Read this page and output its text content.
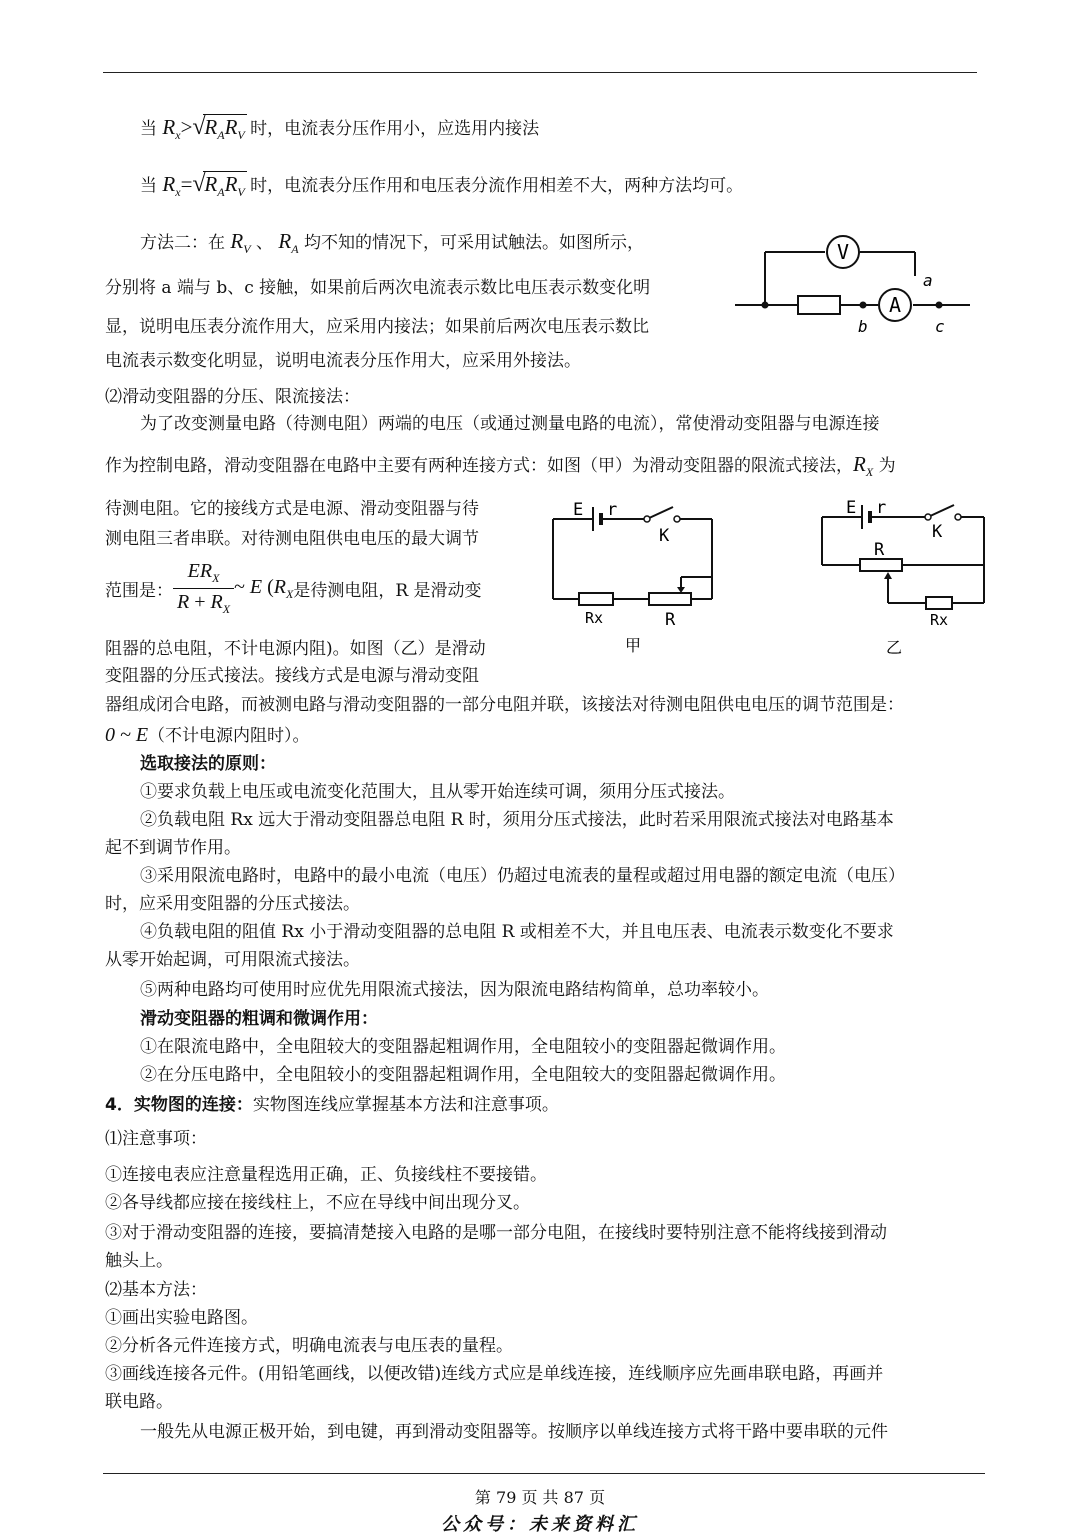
当 $R_x>$ √
$R_AR_V$ 时，电流表分压作用小，应选用内接法
当 $R_x=$ √
$R_AR_V$ 时，电流表分压作用和电压表分流作用相差不大，两种方法均可。
方法二：在 $R_V$ 、 $R_A$ 均不知的情况下，可采用试触法。如图所示，
分别将 a 端与 b、c 接触，如果前后两次电流表示数比电压表示数变化明
显，说明电压表分流作用大，应采用内接法；如果前后两次电压表示数比
电流表示数变化明显，说明电流表分压作用大，应采用外接法。
V
A
a
b	c
⑵滑动变阻器的分压、限流接法：
为了改变测量电路（待测电阻）两端的电压（或通过测量电路的电流），常使滑动变阻器与电源连接
作为控制电路，滑动变阻器在电路中主要有两种连接方式：如图（甲）为滑动变阻器的限流式接法，$R_X$ 为
待测电阻。它的接线方式是电源、滑动变阻器与待
测电阻三者串联。对待测电阻供电电压的最大调节
范围是： $\frac{ER_X}{R + R_X}$ ~ E ($R_X$ 是待测电阻，R 是滑动变
阻器的总电阻，不计电源内阻)。如图（乙）是滑动
变阻器的分压式接法。接线方式是电源与滑动变阻
E r
K
Rx	R
甲
E r
K
R
Rx
乙
器组成闭合电路，而被测电路与滑动变阻器的一部分电阻并联，该接法对待测电阻供电电压的调节范围是：
0 ~ E（不计电源内阻时）。
选取接法的原则：
①要求负载上电压或电流变化范围大，且从零开始连续可调，须用分压式接法。
②负载电阻 Rx 远大于滑动变阻器总电阻 R 时，须用分压式接法，此时若采用限流式接法对电路基本
起不到调节作用。
③采用限流电路时，电路中的最小电流（电压）仍超过电流表的量程或超过用电器的额定电流（电压）
时，应采用变阻器的分压式接法。
④负载电阻的阻值 Rx 小于滑动变阻器的总电阻 R 或相差不大，并且电压表、电流表示数变化不要求
从零开始起调，可用限流式接法。
⑤两种电路均可使用时应优先用限流式接法，因为限流电路结构简单，总功率较小。
滑动变阻器的粗调和微调作用：
①在限流电路中，全电阻较大的变阻器起粗调作用，全电阻较小的变阻器起微调作用。
②在分压电路中，全电阻较小的变阻器起粗调作用，全电阻较大的变阻器起微调作用。
4．实物图的连接：实物图连线应掌握基本方法和注意事项。
⑴注意事项：
①连接电表应注意量程选用正确，正、负接线柱不要接错。
②各导线都应接在接线柱上，不应在导线中间出现分叉。
③对于滑动变阻器的连接，要搞清楚接入电路的是哪一部分电阻，在接线时要特别注意不能将线接到滑动
触头上。
⑵基本方法：
①画出实验电路图。
②分析各元件连接方式，明确电流表与电压表的量程。
③画线连接各元件。(用铅笔画线，以便改错)连线方式应是单线连接，连线顺序应先画串联电路，再画并
联电路。
一般先从电源正极开始，到电键，再到滑动变阻器等。按顺序以单线连接方式将干路中要串联的元件
第 79 页 共 87 页
公众号：未来资料汇
